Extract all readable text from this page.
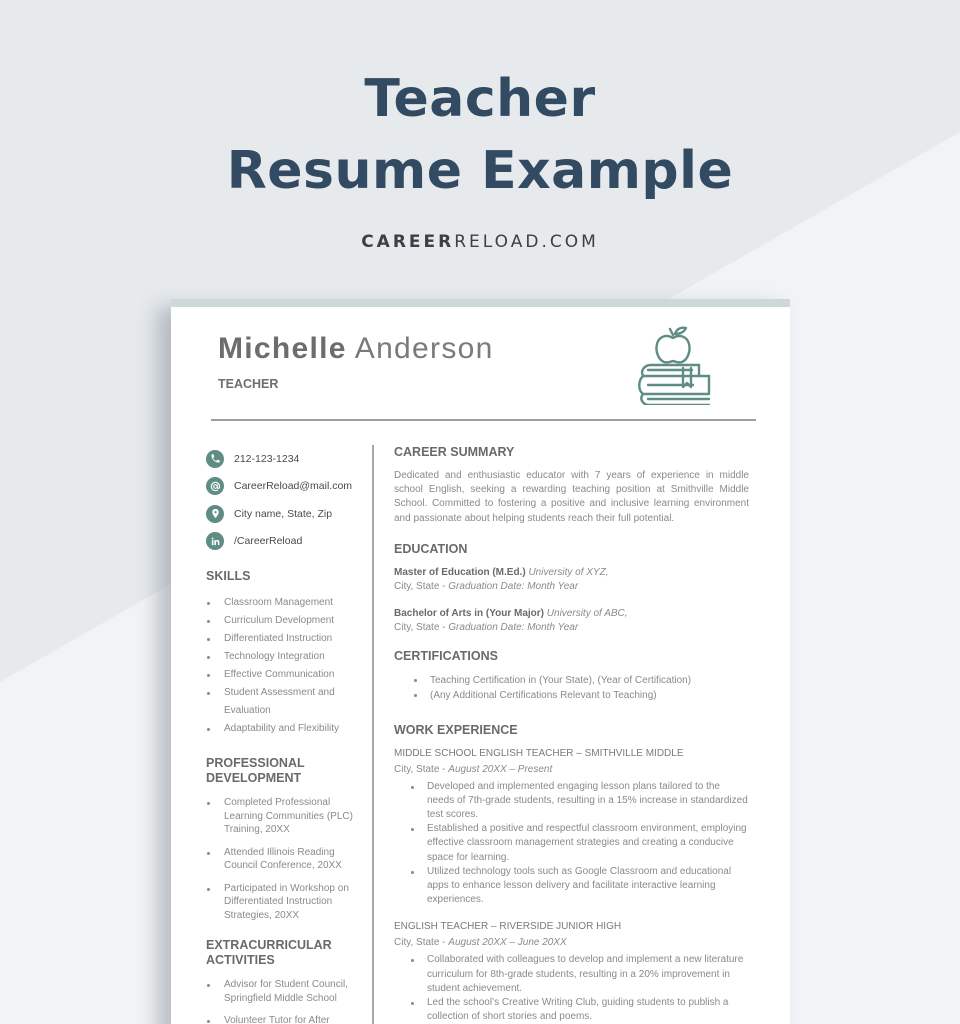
Teacher
Resume Example
CAREERRELOAD.COM
Michelle Anderson
TEACHER
212-123-1234
CareerReload@mail.com
City name, State, Zip
/CareerReload
SKILLS
Classroom Management
Curriculum Development
Differentiated Instruction
Technology Integration
Effective Communication
Student Assessment and Evaluation
Adaptability and Flexibility
PROFESSIONAL
DEVELOPMENT
Completed Professional Learning Communities (PLC) Training, 20XX
Attended Illinois Reading Council Conference, 20XX
Participated in Workshop on Differentiated Instruction Strategies, 20XX
EXTRACURRICULAR
ACTIVITIES
Advisor for Student Council, Springfield Middle School
Volunteer Tutor for After
CAREER SUMMARY
Dedicated and enthusiastic educator with 7 years of experience in middle school English, seeking a rewarding teaching position at Smithville Middle School. Committed to fostering a positive and inclusive learning environment and passionate about helping students reach their full potential.
EDUCATION
Master of Education (M.Ed.) University of XYZ,
City, State - Graduation Date: Month Year
Bachelor of Arts in (Your Major) University of ABC,
City, State - Graduation Date: Month Year
CERTIFICATIONS
Teaching Certification in (Your State), (Year of Certification)
(Any Additional Certifications Relevant to Teaching)
WORK EXPERIENCE
MIDDLE SCHOOL ENGLISH TEACHER – SMITHVILLE MIDDLE
City, State - August 20XX – Present
Developed and implemented engaging lesson plans tailored to the needs of 7th-grade students, resulting in a 15% increase in standardized test scores.
Established a positive and respectful classroom environment, employing effective classroom management strategies and creating a conducive space for learning.
Utilized technology tools such as Google Classroom and educational apps to enhance lesson delivery and facilitate interactive learning experiences.
ENGLISH TEACHER – RIVERSIDE JUNIOR HIGH
City, State - August 20XX – June 20XX
Collaborated with colleagues to develop and implement a new literature curriculum for 8th-grade students, resulting in a 20% improvement in student achievement.
Led the school’s Creative Writing Club, guiding students to publish a collection of short stories and poems.
